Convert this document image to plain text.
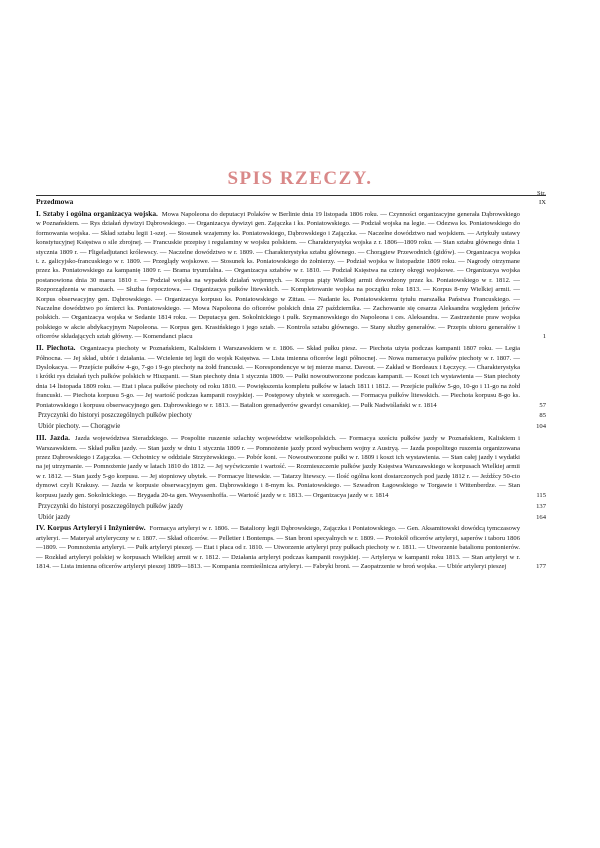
SPIS RZECZY.
Str.
Przedmowa	IX
I. Sztaby i ogólna organizacya wojska. Mowa Napoleona do deputacyi Polaków w Berlinie dnia 19 listopada 1806 roku. — Czynności organizacyjne generała Dąbrowskiego w Poznańskiem. — Rys działań dywizyi Dąbrowskiego. — Organizacya dywizyi gen. Zajączka i ks. Poniatowskiego. — Podział wojska na legie. — Odezwa ks. Poniatowskiego do formowania wojska. — Skład sztabu legii 1-szej. — Stosunek wzajemny ks. Poniatowskiego, Dąbrowskiego i Zajączka. — Naczelne dowództwo nad wojskiem. — Artykuły ustawy konstytucyjnej Księstwa o sile zbrojnej. — Francuskie przepisy i regulaminy w wojsku polskiem. — Charakterystyka wojska z r. 1806—1809 roku. — Stan sztabu głównego dnia 1 stycznia 1809 r. — Fligeladjutanci królewscy. — Naczelne dowództwo w r. 1809. — Charakterystyka sztabu głównego. — Chorągiew Przewodnich (gidów). — Organizacya wojska t. z. galicyjsko-francuskiego w r. 1809. — Przeglądy wojskowe. — Stosunek ks. Poniatowskiego do żołnierzy. — Podział wojska w listopadzie 1809 roku. — Nagrody otrzymane przez ks. Poniatowskiego za kampanię 1809 r. — Brama tryumfalna. — Organizacya sztabów w r. 1810. — Podział Księstwa na cztery okręgi wojskowe. — Organizacya wojska postanowiona dnia 30 marca 1810 r. — Podział wojska na wypadek działań wojennych. — Korpus piąty Wielkiej armii dowodzony przez ks. Poniatowskiego w r. 1812. — Rozporządzenia w marszach. — Służba forpocztowa. — Organizacya pułków litewskich. — Kompletowanie wojska na początku roku 1813. — Korpus 8-my Wielkiej armii. — Korpus obserwacyjny gen. Dąbrowskiego. — Organizacya korpusu ks. Poniatowskiego w Zittau. — Nadanie ks. Poniatowskiemu tytułu marszałka Państwa Francuskiego. — Naczelne dowództwo po śmierci ks. Poniatowskiego. — Mowa Napoleona do oficerów polskich dnia 27 października. — Zachowanie się cesarza Aleksandra względem jeńców polskich. — Organizacya wojska w Sedanie 1814 roku. — Deputacya gen. Sokolnickiego i pułk. Szymanowskiego do Napoleona i ces. Aleksandra. — Zastrzeżenie praw wojska polskiego w akcie abdykacyjnym Napoleona. — Korpus gen. Krasińskiego i jego sztab. — Kontrola sztabu głównego. — Stany służby generałów. — Przepis ubioru generałów i oficerów składających sztab główny. — Komendanci placu	1
II. Piechota. Organizacya piechoty w Poznańskiem, Kaliskiem i Warszawskiem w r. 1806. — Skład pułku piesz. — Piechota użyta podczas kampanii 1807 roku. — Legia Północna. — Jej skład, ubiór i działania. — Wcielenie tej legii do wojsk Księstwa. — Lista imienna oficerów legii północnej. — Nowa numeracya pułków piechoty w r. 1807. — Dyslokacya. — Przejście pułków 4-go, 7-go i 9-go piechoty na żołd francuski. — Korespondencye w tej mierze marsz. Davout. — Zakład w Bordeaux i Łęczycy. — Charakterystyka i krótki rys działań tych pułków polskich w Hiszpanii. — Stan piechoty dnia 1 stycznia 1809. — Pułki nowoutworzone podczas kampanii. — Koszt ich wystawienia — Stan piechoty dnia 14 listopada 1809 roku. — Etat i płaca pułków piechoty od roku 1810. — Powiększenia kompletu pułków w latach 1811 i 1812. — Przejście pułków 5-go, 10-go i 11-go na żołd francuski. — Piechota korpusu 5-go. — Jej wartość podczas kampanii rosyjskiej. — Postępowy ubytek w szeregach. — Formacya pułków litewskich. — Piechota korpusu 8-go ks. Poniatowskiego i korpusu obserwacyjnego gen. Dąbrowskiego w r. 1813. — Batalion grenadyerów gwardyi cesarskiej. — Pułk Nadwiślański w r. 1814	57
Przyczynki do historyi poszczególnych pułków piechoty	85
Ubiór piechoty. — Chorągwie	104
III. Jazda. Jazda województwa Sieradzkiego. — Pospolite ruszenie szlachty województw wielkopolskich. — Formacya sześciu pułków jazdy w Poznańskiem, Kaliskiem i Warszawskiem. — Skład pułku jazdy. — Stan jazdy w dniu 1 stycznia 1809 r. — Pomnożenie jazdy przed wybuchem wojny z Austryą. — Jazda pospolitego ruszenia organizowana przez Dąbrowskiego i Zajączka. — Ochotnicy w oddziale Strzyżewskiego. — Pobór koni. — Nowoutworzone pułki w r. 1809 i koszt ich wystawienia. — Stan całej jazdy i wydatki na jej utrzymanie. — Pomnożenie jazdy w latach 1810 do 1812. — Jej wyćwiczenie i wartość. — Rozmieszczenie pułków jazdy Księstwa Warszawskiego w korpusach Wielkiej armii w r. 1812. — Stan jazdy 5-go korpusu. — Jej stopniowy ubytek. — Formacye litewskie. — Tatarzy litewscy. — Ilość ogólna koni dostarczonych pod jazdę 1812 r. — Jeźdźcy 50-cio dymowi czyli Krakusy. — Jazda w korpusie obserwacyjnym gen. Dąbrowskiego i 8-mym ks. Poniatowskiego. — Szwadron Łagowskiego w Torgawie i Wittenberdze. — Stan korpusu jazdy gen. Sokolnickiego. — Brygada 20-ta gen. Weyssenhoffa. — Wartość jazdy w r. 1813. — Organizacya jazdy w r. 1814	115
Przyczynki do historyi poszczególnych pułków jazdy	137
Ubiór jazdy	164
IV. Korpus Artyleryi i Inżynierów. Formacya artyleryi w r. 1806. — Bataliony legii Dąbrowskiego, Zajączka i Poniatowskiego. — Gen. Aksamitowski dowódcą tymczasowy artyleryi. — Materyał artyleryczny w r. 1807. — Skład oficerów. — Pelletier i Bontemps. — Stan broni specyalnych w r. 1809. — Protokół oficerów artyleryi, saperów i taboru 1806—1809. — Pomnożenia artyleryi. — Pułk artyleryi pieszej. — Etat i płaca od r. 1810. — Utworzenie artyleryi przy pułkach piechoty w r. 1811. — Utworzenie batalionu pontonierów. — Rozkład artyleryi polskiej w korpusach Wielkiej armii w r. 1812. — Działania artyleryi podczas kampanii rosyjskiej. — Artylerya w kampanii roku 1813. — Stan artyleryi w r. 1814. — Lista imienna oficerów artyleryi pieszej 1809—1813. — Kompania rzemieślnicza artyleryi. — Fabryki broni. — Zaopatrzenie w broń wojska. — Ubiór artyleryi pieszej	177
